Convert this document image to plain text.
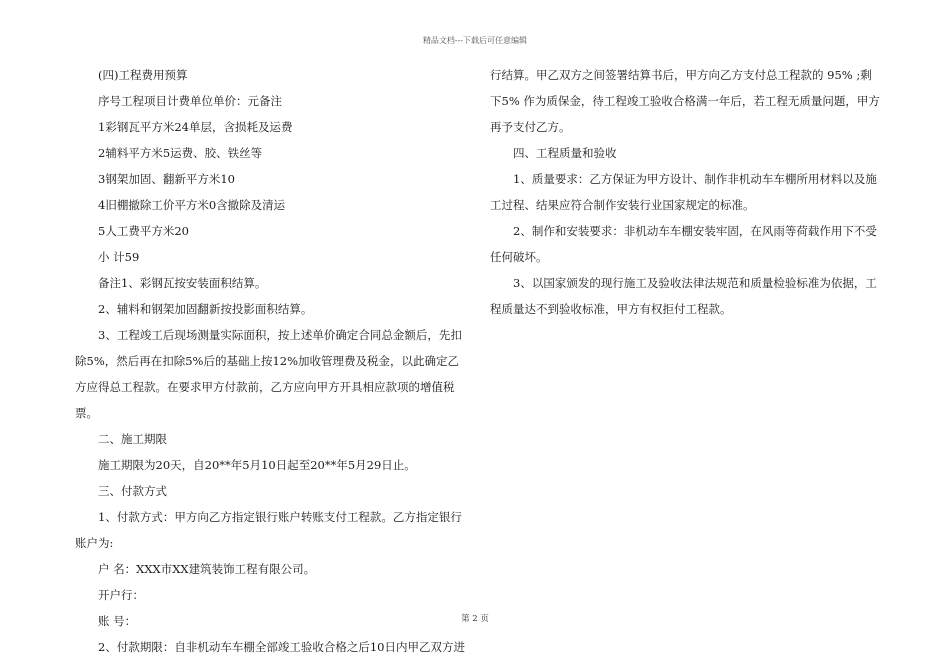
精品文档---下载后可任意编辑

(四)工程费用预算

序号工程项目计费单位单价：元备注

1彩钢瓦平方米24单层，含损耗及运费

2辅料平方米5运费、胶、铁丝等

3钢架加固、翻新平方米10

4旧棚撤除工价平方米0含撤除及清运

5人工费平方米20

小 计59

备注1、彩钢瓦按安装面积结算。

2、辅料和钢架加固翻新按投影面积结算。

3、工程竣工后现场测量实际面积，按上述单价确定合同总金额后，先扣除5%，然后再在扣除5%后的基础上按12%加收管理费及税金，以此确定乙方应得总工程款。在要求甲方付款前，乙方应向甲方开具相应款项的增值税票。

二、施工期限

施工期限为20天，自20**年5月10日起至20**年5月29日止。

三、付款方式

1、付款方式：甲方向乙方指定银行账户转账支付工程款。乙方指定银行账户为:

户 名：XXX市XX建筑装饰工程有限公司。

开户行：

账 号：

2、付款期限：自非机动车车棚全部竣工验收合格之后10日内甲乙双方进

行结算。甲乙双方之间签署结算书后，甲方向乙方支付总工程款的 95% ;剩下5% 作为质保金，待工程竣工验收合格满一年后，若工程无质量问题，甲方再予支付乙方。

四、工程质量和验收

1、质量要求：乙方保证为甲方设计、制作非机动车车棚所用材料以及施工过程、结果应符合制作安装行业国家规定的标准。

2、制作和安装要求：非机动车车棚安装牢固，在风雨等荷载作用下不受任何破坏。

3、以国家颁发的现行施工及验收法律法规范和质量检验标准为依据，工程质量达不到验收标准，甲方有权拒付工程款。

第 2 页
